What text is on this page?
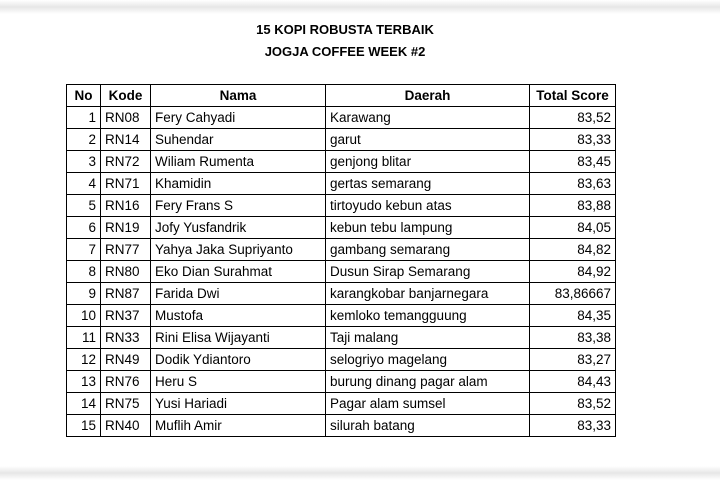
15 KOPI ROBUSTA TERBAIK
JOGJA COFFEE WEEK #2
No	Kode	Nama	Daerah	Total Score
1	RN08	Fery Cahyadi	Karawang	83,52
2	RN14	Suhendar	garut	83,33
3	RN72	Wiliam Rumenta	genjong blitar	83,45
4	RN71	Khamidin	gertas semarang	83,63
5	RN16	Fery Frans S	tirtoyudo kebun atas	83,88
6	RN19	Jofy Yusfandrik	kebun tebu lampung	84,05
7	RN77	Yahya Jaka Supriyanto	gambang semarang	84,82
8	RN80	Eko Dian Surahmat	Dusun Sirap Semarang	84,92
9	RN87	Farida Dwi	karangkobar banjarnegara	83,86667
10	RN37	Mustofa	kemloko temangguung	84,35
11	RN33	Rini Elisa Wijayanti	Taji malang	83,38
12	RN49	Dodik Ydiantoro	selogriyo magelang	83,27
13	RN76	Heru S	burung dinang pagar alam	84,43
14	RN75	Yusi Hariadi	Pagar alam sumsel	83,52
15	RN40	Muflih Amir	silurah batang	83,33
